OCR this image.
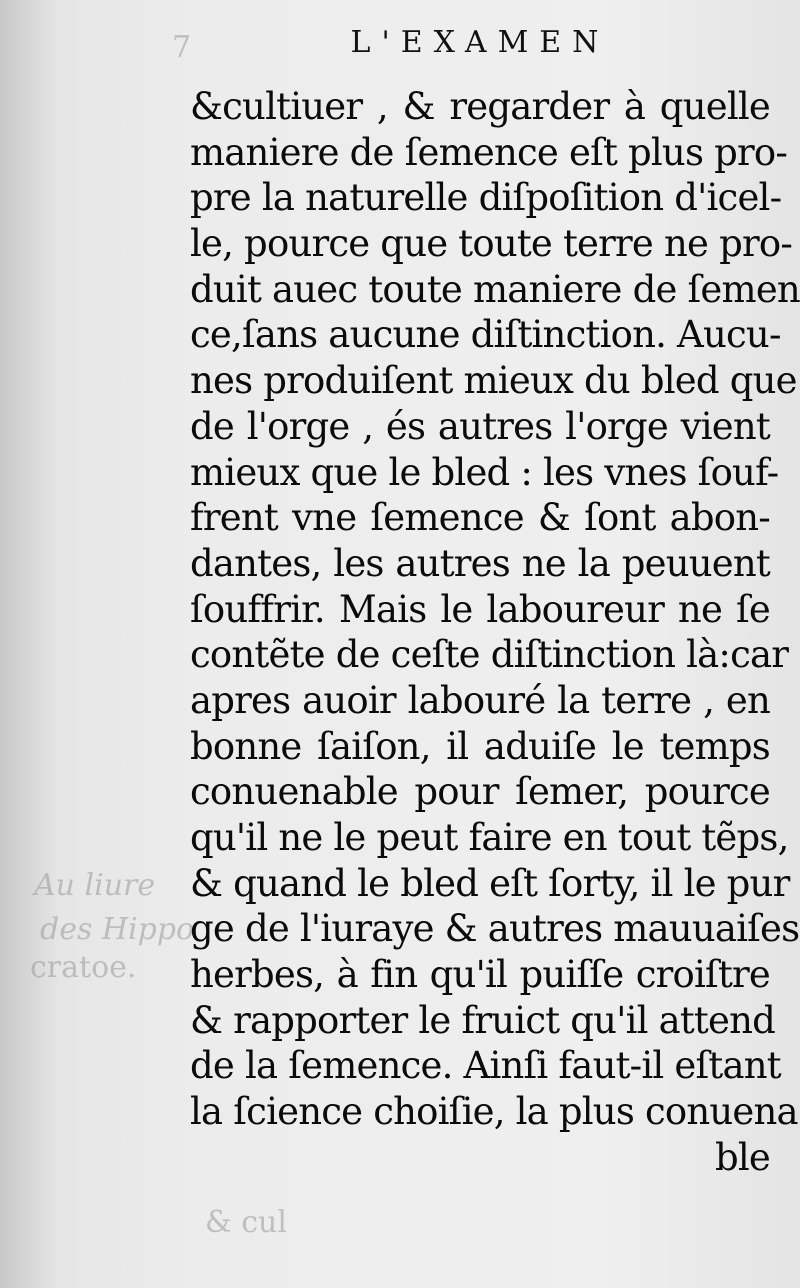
7
Au liure
des Hippo
cratoe.
& cul
L'EXAMEN
&cultiuer , & regarder à quelle
maniere de ſemence eſt plus pro-
pre la naturelle diſpoſition d'icel-
le, pource que toute terre ne pro-
duit auec toute maniere de ſemen
ce,ſans aucune diſtinction. Aucu-
nes produiſent mieux du bled que
de l'orge , és autres l'orge vient
mieux que le bled : les vnes ſouf-
frent vne ſemence & ſont abon-
dantes, les autres ne la peuuent
ſouffrir. Mais le laboureur ne ſe
contẽte de ceſte diſtinction là:car
apres auoir labouré la terre , en
bonne ſaiſon, il aduiſe le temps
conuenable pour ſemer, pource
qu'il ne le peut faire en tout tẽps,
& quand le bled eſt ſorty, il le pur
ge de l'iuraye & autres mauuaiſes
herbes, à fin qu'il puiſſe croiſtre
& rapporter le fruict qu'il attend
de la ſemence. Ainſi faut-il eſtant
la ſcience choiſie, la plus conuena
ble
